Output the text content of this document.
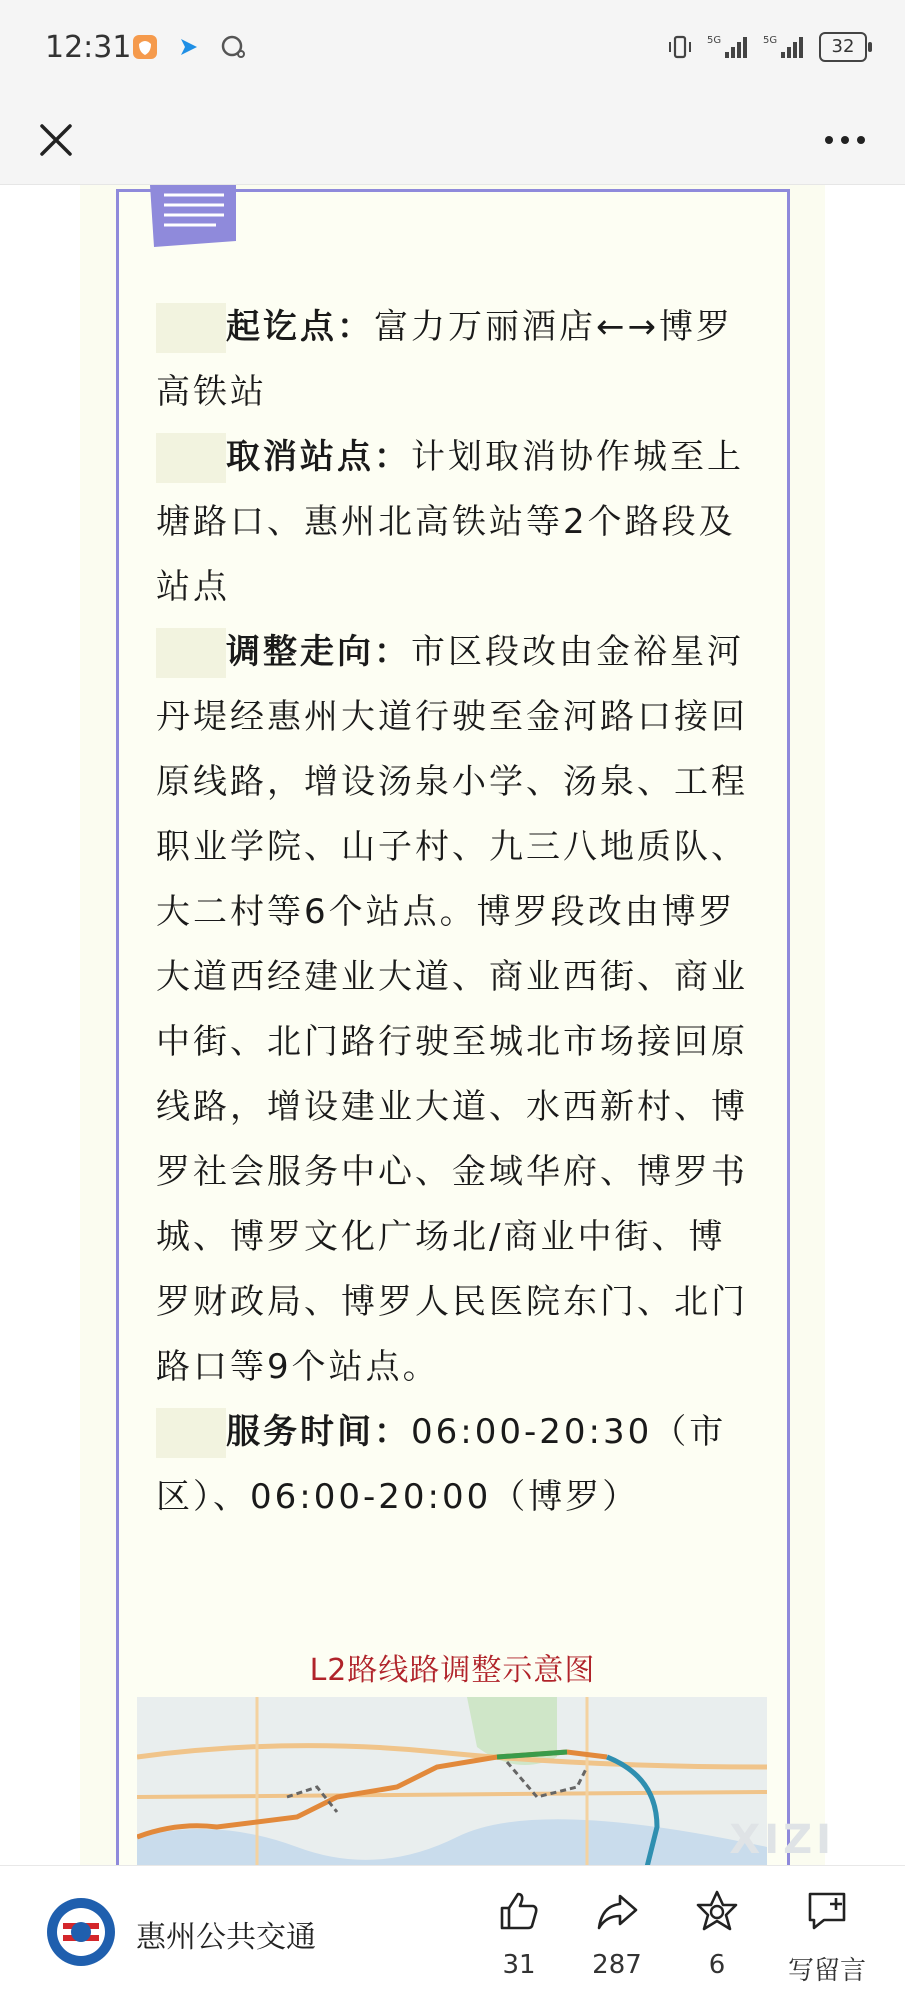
12:31	5G	5G	32

起讫点：富力万丽酒店←→博罗高铁站

取消站点：计划取消协作城至上塘路口、惠州北高铁站等2个路段及站点

调整走向：市区段改由金裕星河丹堤经惠州大道行驶至金河路口接回原线路，增设汤泉小学、汤泉、工程职业学院、山子村、九三八地质队、大二村等6个站点。博罗段改由博罗大道西经建业大道、商业西街、商业中街、北门路行驶至城北市场接回原线路，增设建业大道、水西新村、博罗社会服务中心、金域华府、博罗书城、博罗文化广场北/商业中街、博罗财政局、博罗人民医院东门、北门路口等9个站点。

服务时间：06:00-20:30（市区）、06:00-20:00（博罗）

L2路线路调整示意图
XIZI
惠州公共交通
31	287	6	写留言
